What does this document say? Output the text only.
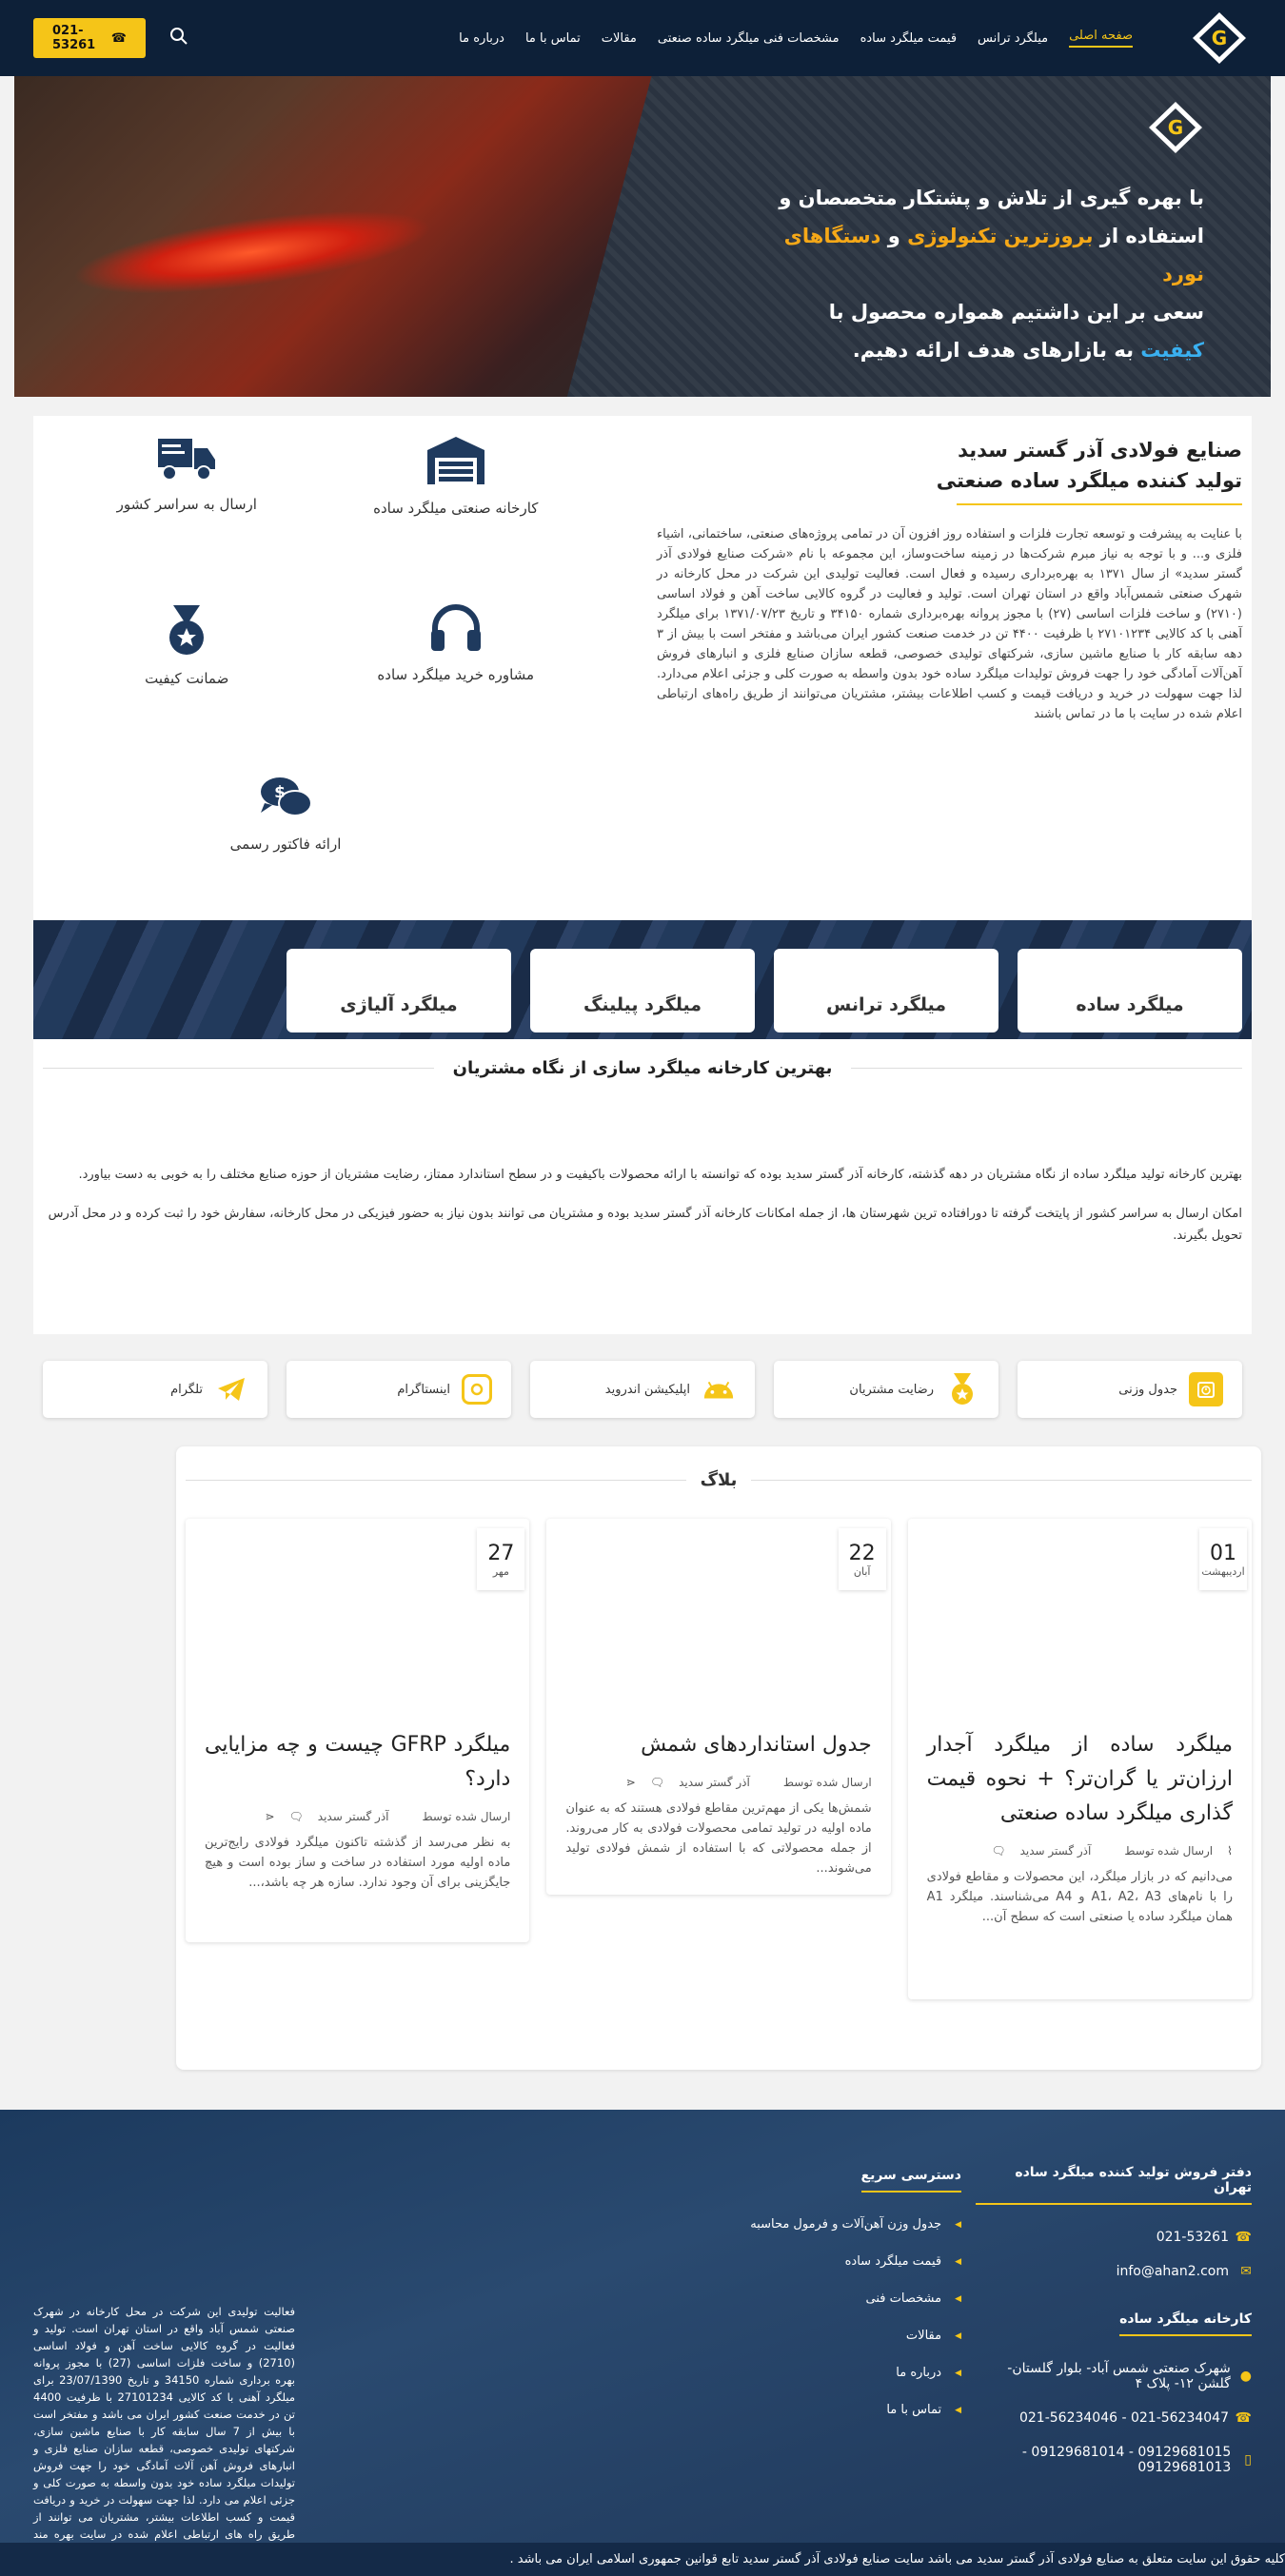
G
صفحه اصلی
میلگرد ترانس
قیمت میلگرد ساده
مشخصات فنی میلگرد ساده صنعتی
مقالات
تماس با ما
درباره ما
021-53261	☎
G
با بهره گیری از تلاش و پشتکار متخصصان و
استفاده از بروزترین تکنولوژی و دستگاهای نورد
سعی بر این داشتیم همواره محصول با
کیفیت به بازارهای هدف ارائه دهیم.
صنایع فولادی آذر گستر سدید
تولید کننده میلگرد ساده صنعتی

با عنایت به پیشرفت و توسعه تجارت فلزات و استفاده روز افزون آن در تمامی پروژه‌های صنعتی، ساختمانی، اشیاء فلزی و... و با توجه به نیاز مبرم شرکت‌ها در زمینه ساخت‌وساز، این مجموعه با نام «شرکت صنایع فولادی آذر گستر سدید» از سال ۱۳۷۱ به بهره‌برداری رسیده و فعال است. فعالیت تولیدی این شرکت در محل کارخانه در شهرک صنعتی شمس‌آباد واقع در استان تهران است. تولید و فعالیت در گروه کالایی ساخت آهن و فولاد اساسی (۲۷۱۰) و ساخت فلزات اساسی (۲۷) با مجوز پروانه بهره‌برداری شماره ۳۴۱۵۰ و تاریخ ۱۳۷۱/۰۷/۲۳ برای میلگرد آهنی با کد کالایی ۲۷۱۰۱۲۳۴ با ظرفیت ۴۴۰۰ تن در خدمت صنعت کشور ایران می‌باشد و مفتخر است با بیش از ۳ دهه سابقه کار با صنایع ماشین سازی، شرکتهای تولیدی خصوصی، قطعه سازان صنایع فلزی و انبارهای فروش آهن‌آلات آمادگی خود را جهت فروش تولیدات میلگرد ساده خود بدون واسطه به صورت کلی و جزئی اعلام می‌دارد. لذا جهت سهولت در خرید و دریافت قیمت و کسب اطلاعات بیشتر، مشتریان می‌توانند از طریق راه‌های ارتباطی اعلام شده در سایت با ما در تماس باشند

کارخانه صنعتی میلگرد ساده
ارسال به سراسر کشور
مشاوره خرید میلگرد ساده
ضمانت کیفیت
$
ارائه فاکتور رسمی
میلگرد ساده
میلگرد ترانس
میلگرد پیلینگ
میلگرد آلیاژی
بهترین کارخانه میلگرد سازی از نگاه مشتریان

بهترین کارخانه تولید میلگرد ساده از نگاه مشتریان در دهه گذشته، کارخانه آذر گستر سدید بوده که توانسته با ارائه محصولات باکیفیت و در سطح استاندارد ممتاز، رضایت مشتریان از حوزه صنایع مختلف را به خوبی به دست بیاورد.

امکان ارسال به سراسر کشور از پایتخت گرفته تا دورافتاده ترین شهرستان ها، از جمله امکانات کارخانه آذر گستر سدید بوده و مشتریان می توانند بدون نیاز به حضور فیزیکی در محل کارخانه، سفارش خود را ثبت کرده و در محل آدرس تحویل بگیرند.

جدول وزنی
رضایت مشتریان
اپلیکیشن اندروید
اینستاگرام
تلگرام
بلاگ
01
اردیبهشت
میلگرد ساده از میلگرد آجدار ارزان‌تر یا گران‌تر؟ + نحوه قیمت گذاری میلگرد ساده صنعتی
⌇
ارسال شده توسط
آذر گستر سدید
🗨

می‌دانیم که در بازار میلگرد، این محصولات و مقاطع فولادی را با نام‌های A1، A2، A3 و A4 می‌شناسند. میلگرد A1 همان میلگرد ساده یا صنعتی است که سطح آن...

22
آبان
جدول استانداردهای شمش
ارسال شده توسط
آذر گستر سدید
🗨
⋖

شمش‌ها یکی از مهم‌ترین مقاطع فولادی هستند که به عنوان ماده اولیه در تولید تمامی محصولات فولادی به کار می‌روند. از جمله محصولاتی که با استفاده از شمش فولادی تولید می‌شوند...

27
مهر
میلگرد GFRP چیست و چه مزایایی دارد؟
ارسال شده توسط
آذر گستر سدید
🗨
⋖

به نظر می‌رسد از گذشته تاکنون میلگرد فولادی رایج‌ترین ماده اولیه مورد استفاده در ساخت و ساز بوده است و هیچ جایگزینی برای آن وجود ندارد. سازه هر چه باشد،...

دفتر فروش تولید کننده میلگرد ساده تهران
☎
021-53261
✉
info@ahan2.com
کارخانه میلگرد ساده
●
شهرک صنعتی شمس آباد- بلوار گلستان- گلشن ۱۲- پلاک ۴
☎
021-56234047 - 021-56234046
▯
09129681015 - 09129681014 - 09129681013
دسترسی سریع
◀
جدول وزن آهن‌آلات و فرمول محاسبه
◀
قیمت میلگرد ساده
◀
مشخصات فنی
◀
مقالات
◀
درباره ما
◀
تماس با ما
فعالیت تولیدی این شرکت در محل کارخانه در شهرک صنعتی شمس آباد واقع در استان تهران است. تولید و فعالیت در گروه کالایی ساخت آهن و فولاد اساسی (2710) و ساخت فلزات اساسی (27) با مجوز پروانه بهره برداری شماره 34150 و تاریخ 23/07/1390 برای میلگرد آهنی با کد کالایی 27101234 با ظرفیت 4400 تن در خدمت صنعت کشور ایران می باشد و مفتخر است با بیش از 7 سال سابقه کار با صنایع ماشین سازی، شرکتهای تولیدی خصوصی، قطعه سازان صنایع فلزی و انبارهای فروش آهن آلات آمادگی خود را جهت فروش تولیدات میلگرد ساده خود بدون واسطه به صورت کلی و جزئی اعلام می دارد. لذا جهت سهولت در خرید و دریافت قیمت و کسب اطلاعات بیشتر، مشتریان می توانند از طریق راه های ارتباطی اعلام شده در سایت بهره مند
کلیه حقوق این سایت متعلق به صنایع فولادی آذر گستر سدید می باشد سایت صنایع فولادی آذر گستر سدید تابع قوانین جمهوری اسلامی ایران می باشد .
